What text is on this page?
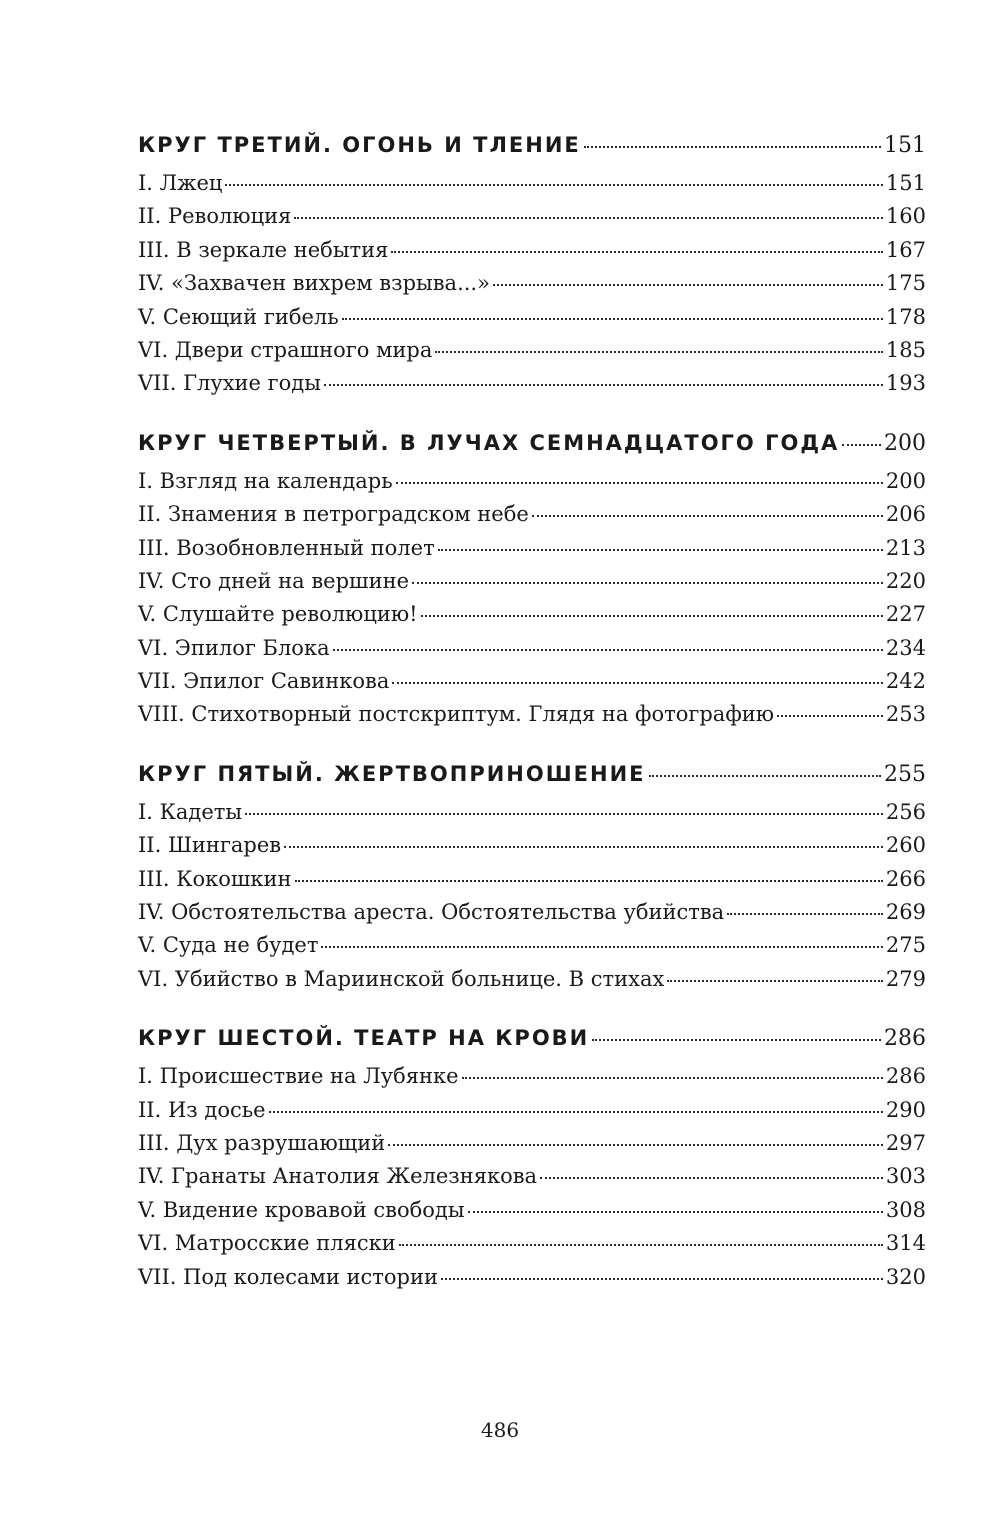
КРУГ ТРЕТИЙ. ОГОНЬ И ТЛЕНИЕ	151
I. Лжец	151
II. Революция	160
III. В зеркале небытия	167
IV. «Захвачен вихрем взрыва...»	175
V. Сеющий гибель	178
VI. Двери страшного мира	185
VII. Глухие годы	193
КРУГ ЧЕТВЕРТЫЙ. В ЛУЧАХ СЕМНАДЦАТОГО ГОДА 200
I. Взгляд на календарь	200
II. Знамения в петроградском небе	206
III. Возобновленный полет	213
IV. Сто дней на вершине	220
V. Слушайте революцию!	227
VI. Эпилог Блока	234
VII. Эпилог Савинкова	242
VIII. Стихотворный постскриптум. Глядя на фотографию	253
КРУГ ПЯТЫЙ. ЖЕРТВОПРИНОШЕНИЕ	255
I. Кадеты	256
II. Шингарев	260
III. Кокошкин	266
IV. Обстоятельства ареста. Обстоятельства убийства	269
V. Суда не будет	275
VI. Убийство в Мариинской больнице. В стихах	279
КРУГ ШЕСТОЙ. ТЕАТР НА КРОВИ	286
I. Происшествие на Лубянке	286
II. Из досье	290
III. Дух разрушающий	297
IV. Гранаты Анатолия Железнякова	303
V. Видение кровавой свободы	308
VI. Матросские пляски	314
VII. Под колесами истории	320
486
